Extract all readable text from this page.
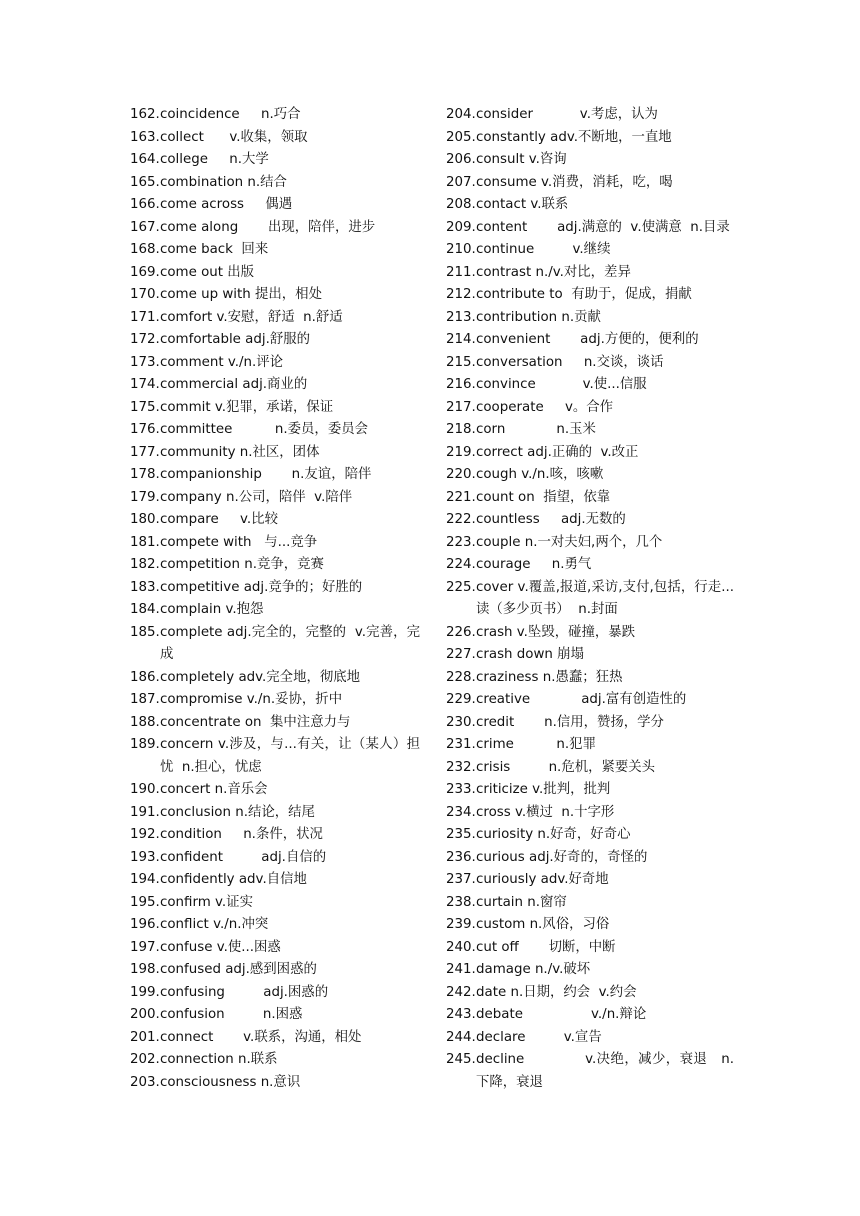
162. coincidence     n.巧合
163. collect      v.收集，领取
164. college     n.大学
165. combination n.结合
166. come across     偶遇
167. come along       出现，陪伴，进步
168. come back  回来
169. come out 出版
170. come up with 提出，相处
171. comfort v.安慰，舒适  n.舒适
172. comfortable adj.舒服的
173. comment v./n.评论
174. commercial adj.商业的
175. commit v.犯罪，承诺，保证
176. committee          n.委员，委员会
177. community n.社区，团体
178. companionship       n.友谊，陪伴
179. company n.公司，陪伴  v.陪伴
180. compare     v.比较
181. compete with   与...竞争
182. competition n.竞争，竞赛
183. competitive adj.竞争的；好胜的
184. complain v.抱怨
185. complete adj.完全的，完整的  v.完善，完成
186. completely adv.完全地，彻底地
187. compromise v./n.妥协，折中
188. concentrate on  集中注意力与
189. concern v.涉及，与...有关，让（某人）担忧  n.担心，忧虑
190. concert n.音乐会
191. conclusion n.结论，结尾
192. condition     n.条件，状况
193. confident         adj.自信的
194. confidently adv.自信地
195. confirm v.证实
196. conflict v./n.冲突
197. confuse v.使...困惑
198. confused adj.感到困惑的
199. confusing         adj.困惑的
200. confusion         n.困惑
201. connect       v.联系，沟通，相处
202. connection n.联系
203. consciousness n.意识
204. consider           v.考虑，认为
205. constantly adv.不断地，一直地
206. consult v.咨询
207. consume v.消费，消耗，吃，喝
208. contact v.联系
209. content       adj.满意的  v.使满意  n.目录
210. continue         v.继续
211. contrast n./v.对比，差异
212. contribute to  有助于，促成，捐献
213. contribution n.贡献
214. convenient       adj.方便的，便利的
215. conversation     n.交谈，谈话
216. convince           v.使...信服
217. cooperate     v。合作
218. corn            n.玉米
219. correct adj.正确的  v.改正
220. cough v./n.咳，咳嗽
221. count on  指望，依靠
222. countless     adj.无数的
223. couple n.一对夫妇,两个，几个
224. courage     n.勇气
225. cover v.覆盖,报道,采访,支付,包括，行走...读（多少页书）  n.封面
226. crash v.坠毁，碰撞，暴跌
227. crash down 崩塌
228. craziness n.愚蠢；狂热
229. creative            adj.富有创造性的
230. credit       n.信用，赞扬，学分
231. crime          n.犯罪
232. crisis         n.危机，紧要关头
233. criticize v.批判，批判
234. cross v.横过  n.十字形
235. curiosity n.好奇，好奇心
236. curious adj.好奇的，奇怪的
237. curiously adv.好奇地
238. curtain n.窗帘
239. custom n.风俗，习俗
240. cut off       切断，中断
241. damage n./v.破坏
242. date n.日期，约会  v.约会
243. debate                v./n.辩论
244. declare         v.宣告
245. decline             v.决绝，减少，衰退   n.下降，衰退
